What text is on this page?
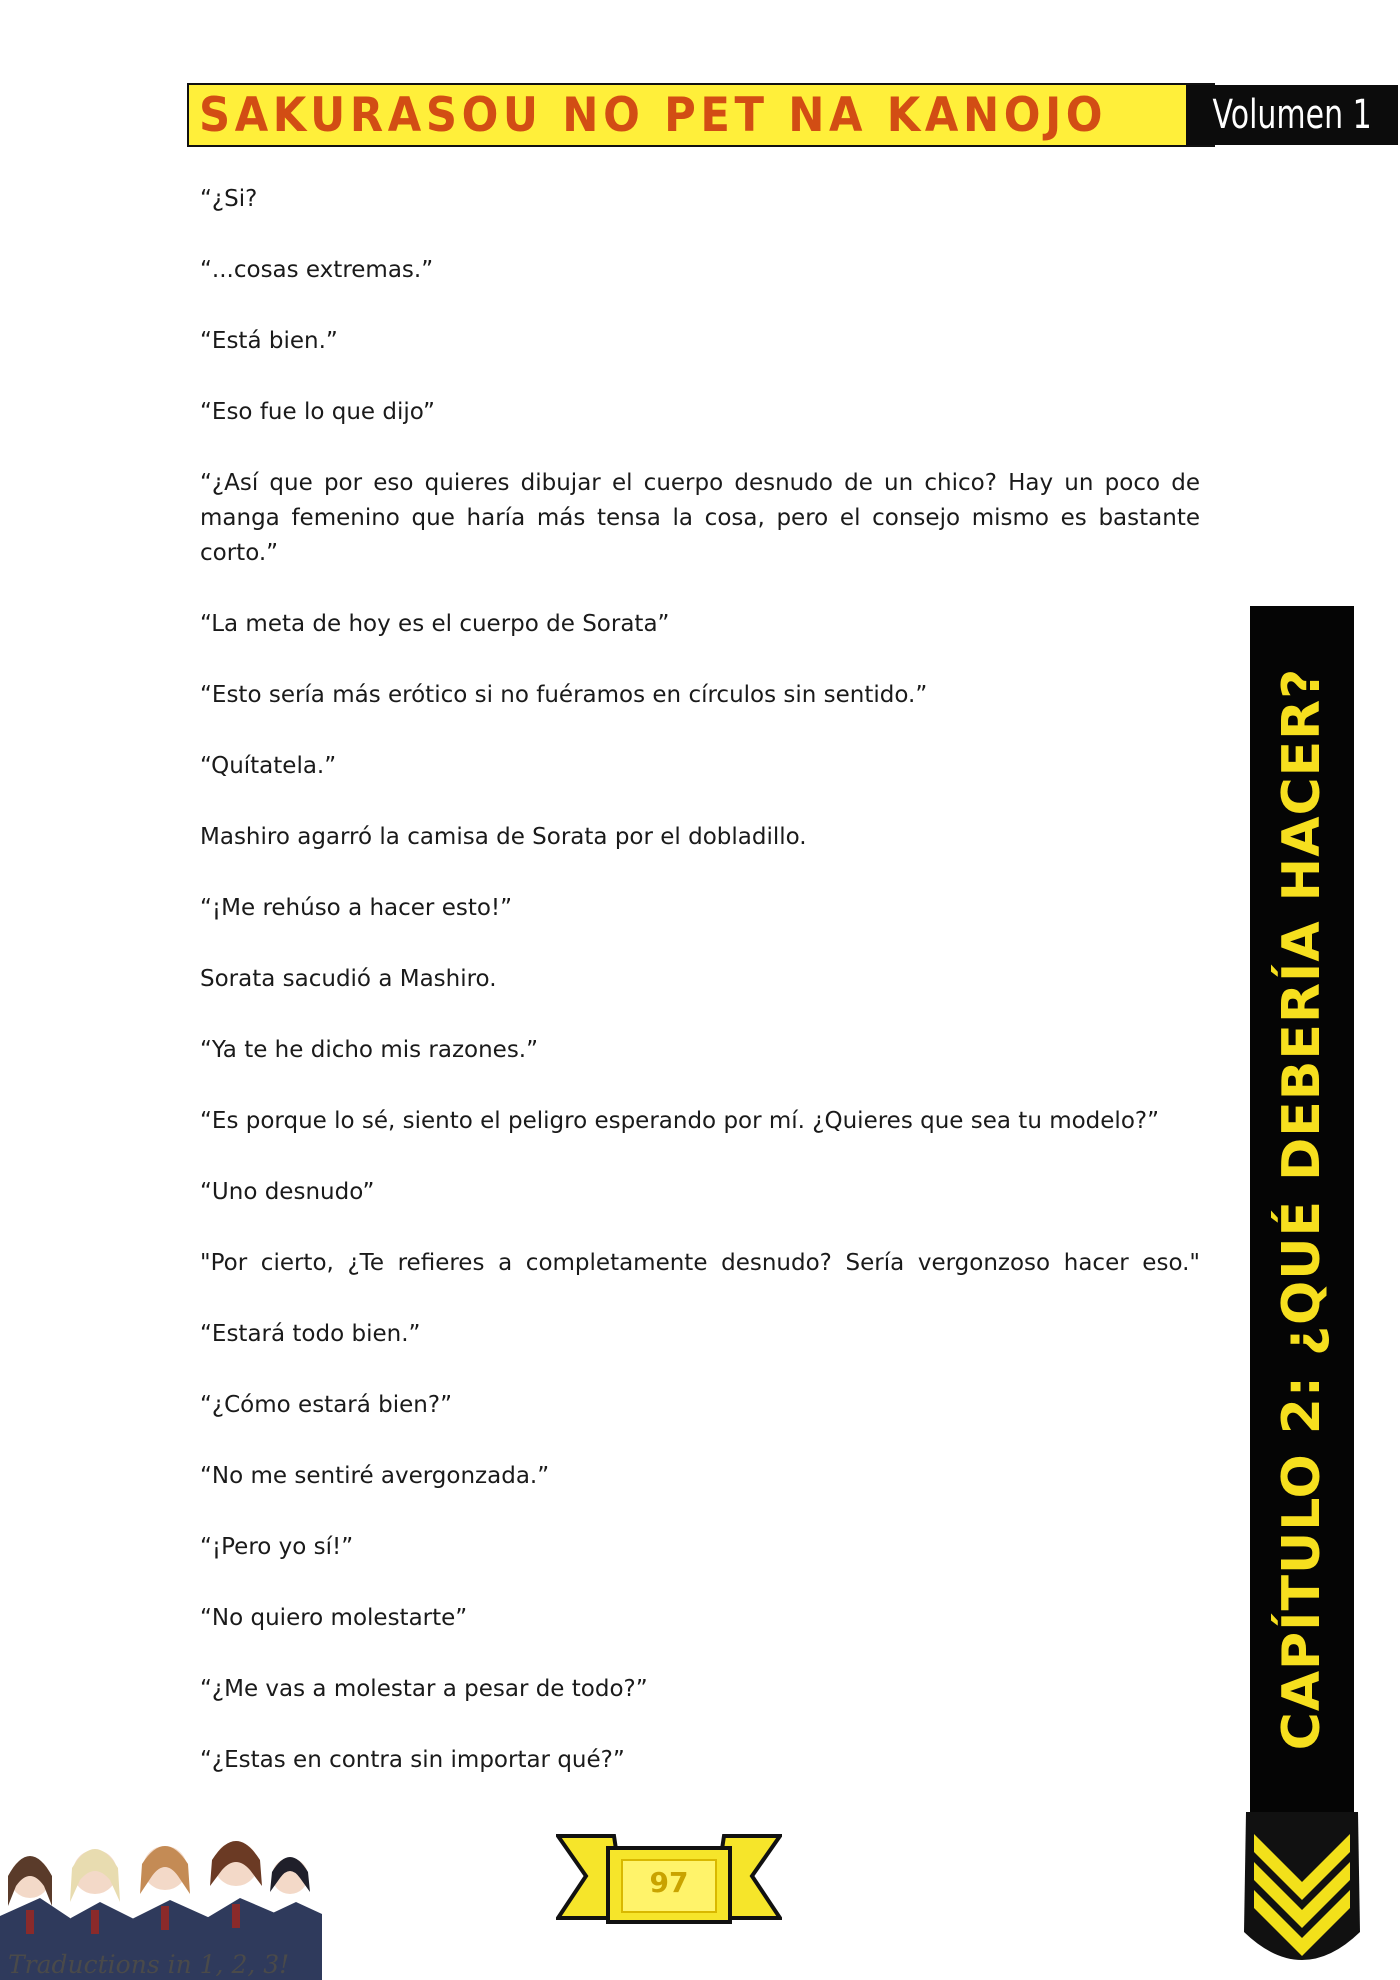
SAKURASOU NO PET NA KANOJO	Volumen 1

“¿Si?

“...cosas extremas.”

“Está bien.”

“Eso fue lo que dijo”

“¿Así que por eso quieres dibujar el cuerpo desnudo de un chico? Hay un poco de manga femenino que haría más tensa la cosa, pero el consejo mismo es bastante corto.”

“La meta de hoy es el cuerpo de Sorata”

“Esto sería más erótico si no fuéramos en círculos sin sentido.”

“Quítatela.”

Mashiro agarró la camisa de Sorata por el dobladillo.

“¡Me rehúso a hacer esto!”

Sorata sacudió a Mashiro.

“Ya te he dicho mis razones.”

“Es porque lo sé, siento el peligro esperando por mí. ¿Quieres que sea tu modelo?”

“Uno desnudo”

"Por cierto, ¿Te refieres a completamente desnudo? Sería vergonzoso hacer eso."

“Estará todo bien.”

“¿Cómo estará bien?”

“No me sentiré avergonzada.”

“¡Pero yo sí!”

“No quiero molestarte”

“¿Me vas a molestar a pesar de todo?”

“¿Estas en contra sin importar qué?”

CAPÍTULO 2: ¿QUÉ DEBERÍA HACER?
97
Traductions in 1, 2, 3!
